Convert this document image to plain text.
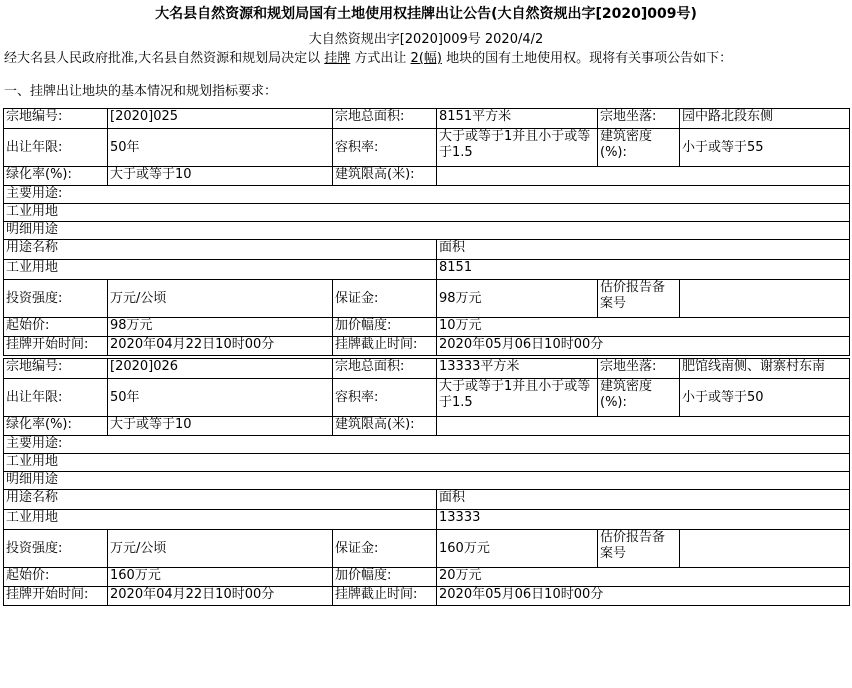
大名县自然资源和规划局国有土地使用权挂牌出让公告(大自然资规出字[2020]009号)
大自然资规出字[2020]009号 2020/4/2
经大名县人民政府批准,大名县自然资源和规划局决定以 挂牌 方式出让 2(幅) 地块的国有土地使用权。现将有关事项公告如下：
一、挂牌出让地块的基本情况和规划指标要求：
宗地编号:	[2020]025	宗地总面积:	8151平方米	宗地坐落:	园中路北段东侧
出让年限:	50年	容积率:	大于或等于1并且小于或等于1.5	建筑密度(%):	小于或等于55
绿化率(%):	大于或等于10	建筑限高(米):			
主要用途:					
工业用地					
明细用途					
用途名称			面积		
工业用地			8151		
投资强度:	万元/公顷	保证金:	98万元	估价报告备案号	
起始价:	98万元	加价幅度:	10万元		
挂牌开始时间:	2020年04月22日10时00分	挂牌截止时间:	2020年05月06日10时00分		
宗地编号:	[2020]026	宗地总面积:	13333平方米	宗地坐落:	肥馆线南侧、谢寨村东南
出让年限:	50年	容积率:	大于或等于1并且小于或等于1.5	建筑密度(%):	小于或等于50
绿化率(%):	大于或等于10	建筑限高(米):			
主要用途:					
工业用地					
明细用途					
用途名称			面积		
工业用地			13333		
投资强度:	万元/公顷	保证金:	160万元	估价报告备案号	
起始价:	160万元	加价幅度:	20万元		
挂牌开始时间:	2020年04月22日10时00分	挂牌截止时间:	2020年05月06日10时00分		
